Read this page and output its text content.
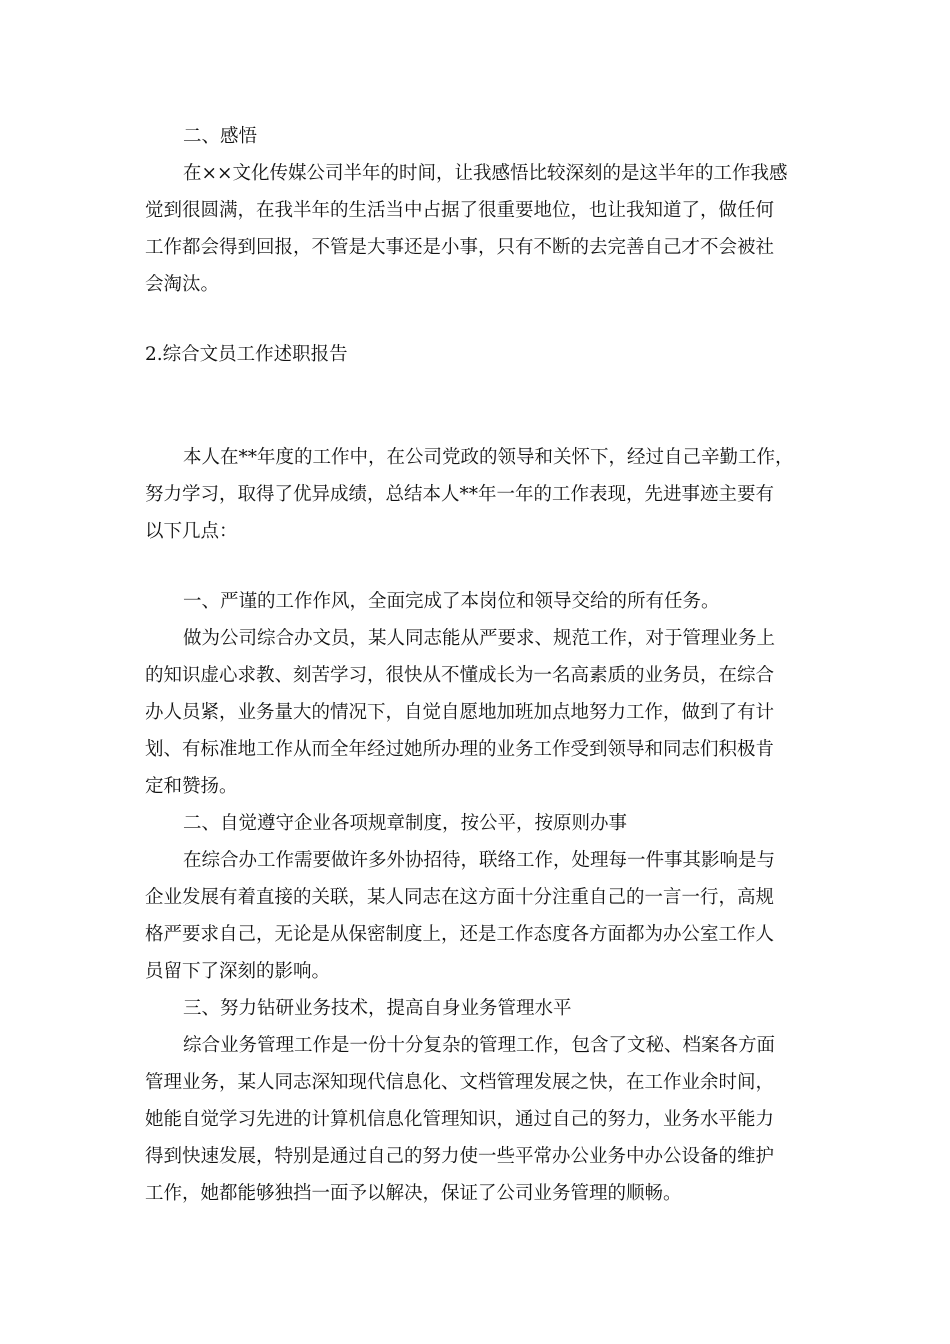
二、感悟

在××文化传媒公司半年的时间，让我感悟比较深刻的是这半年的工作我感

觉到很圆满，在我半年的生活当中占据了很重要地位，也让我知道了，做任何

工作都会得到回报，不管是大事还是小事，只有不断的去完善自己才不会被社

会淘汰。

2.综合文员工作述职报告

本人在**年度的工作中，在公司党政的领导和关怀下，经过自己辛勤工作，

努力学习，取得了优异成绩，总结本人**年一年的工作表现，先进事迹主要有

以下几点：

一、严谨的工作作风，全面完成了本岗位和领导交给的所有任务。

做为公司综合办文员，某人同志能从严要求、规范工作，对于管理业务上

的知识虚心求教、刻苦学习，很快从不懂成长为一名高素质的业务员，在综合

办人员紧，业务量大的情况下，自觉自愿地加班加点地努力工作，做到了有计

划、有标准地工作从而全年经过她所办理的业务工作受到领导和同志们积极肯

定和赞扬。

二、自觉遵守企业各项规章制度，按公平，按原则办事

在综合办工作需要做许多外协招待，联络工作，处理每一件事其影响是与

企业发展有着直接的关联，某人同志在这方面十分注重自己的一言一行，高规

格严要求自己，无论是从保密制度上，还是工作态度各方面都为办公室工作人

员留下了深刻的影响。

三、努力钻研业务技术，提高自身业务管理水平

综合业务管理工作是一份十分复杂的管理工作，包含了文秘、档案各方面

管理业务，某人同志深知现代信息化、文档管理发展之快，在工作业余时间，

她能自觉学习先进的计算机信息化管理知识，通过自己的努力，业务水平能力

得到快速发展，特别是通过自己的努力使一些平常办公业务中办公设备的维护

工作，她都能够独挡一面予以解决，保证了公司业务管理的顺畅。
